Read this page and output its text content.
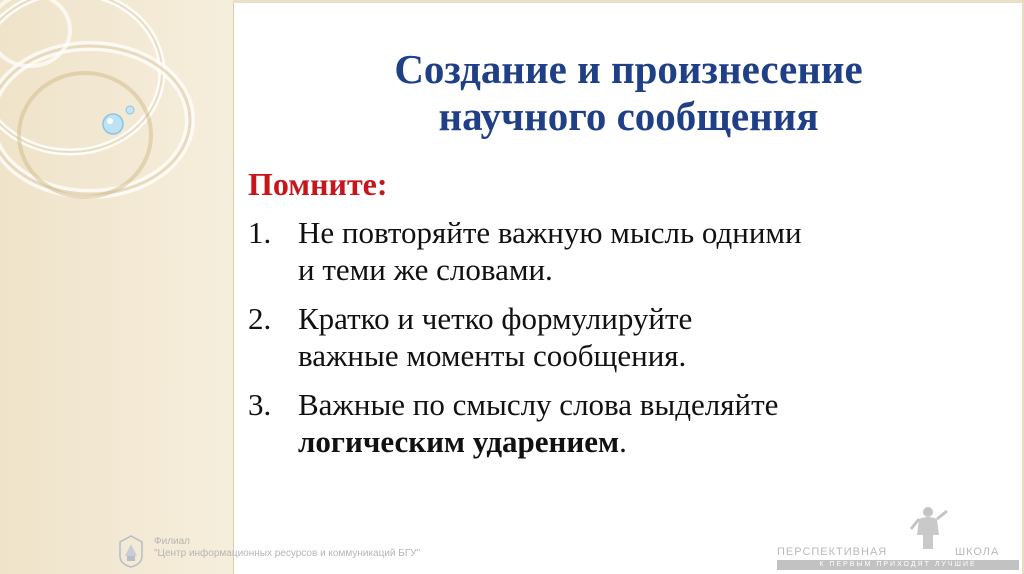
Создание и произнесение
научного сообщения
Помните:
1. Не повторяйте важную мысль одними
и теми же словами.
2. Кратко и четко формулируйте
важные моменты сообщения.
3. Важные по смыслу слова выделяйте
логическим ударением.
Филиал
"Центр информационных ресурсов и коммуникаций БГУ"	ПЕРСПЕКТИВНАЯ	ШКОЛА
К ПЕРВЫМ ПРИХОДЯТ ЛУЧШИЕ
